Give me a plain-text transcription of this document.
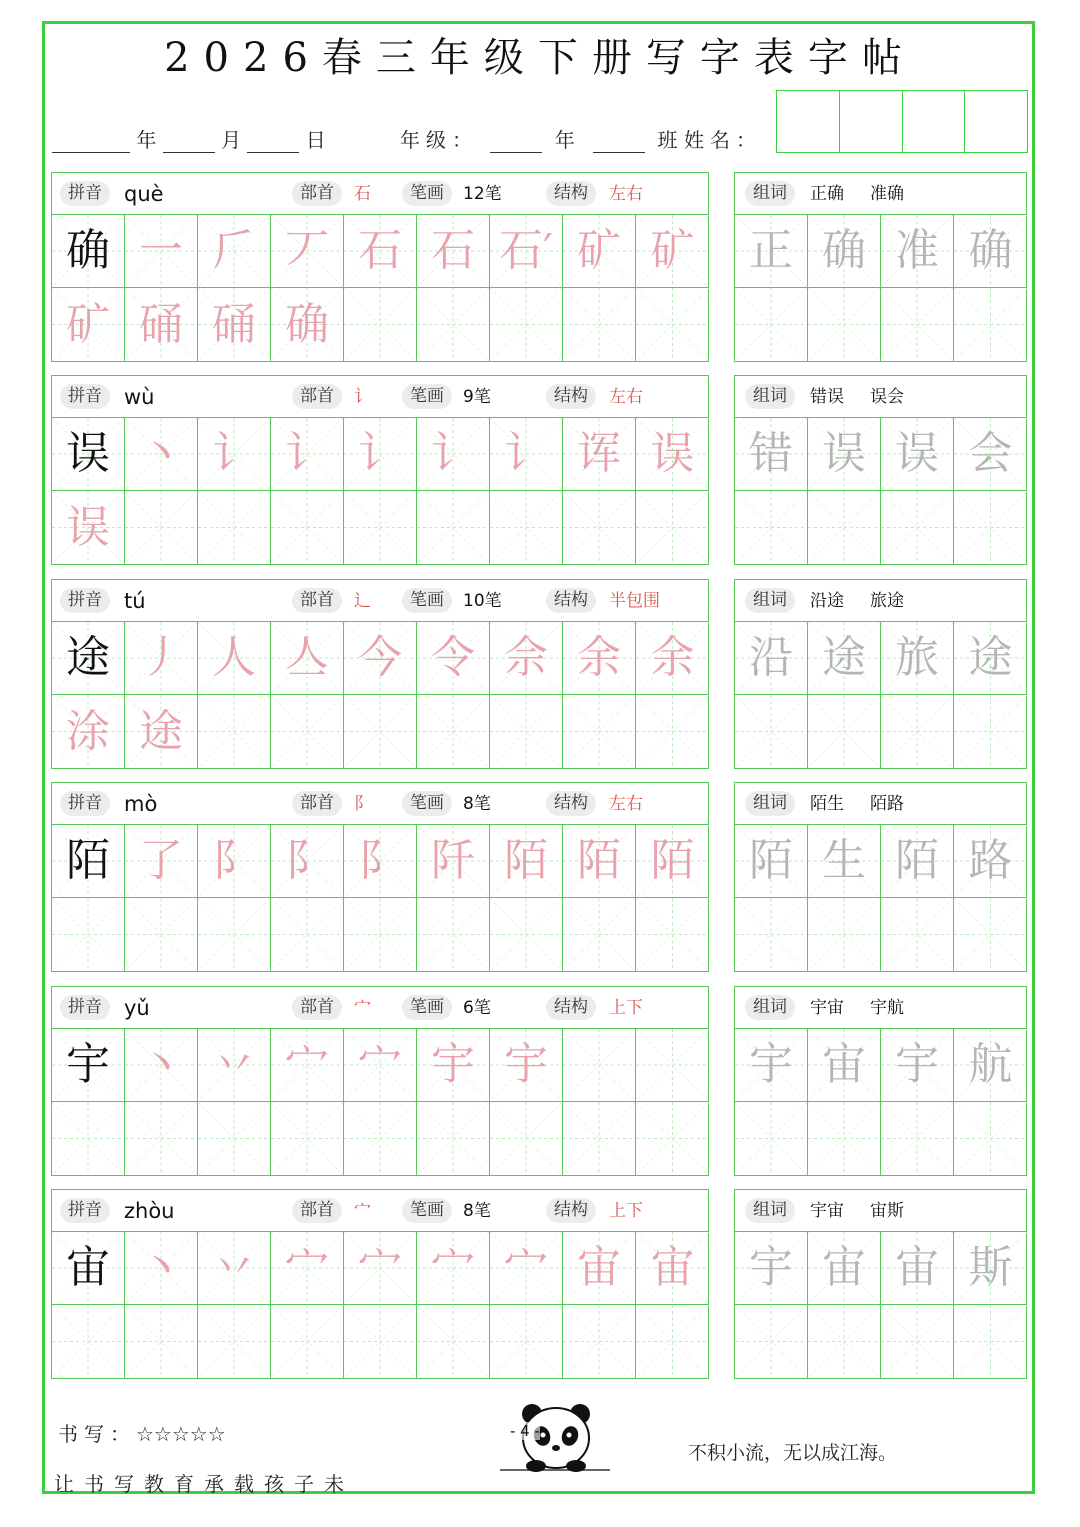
2026春三年级下册写字表字帖
年	月	日	年级：	年	班 姓名：
拼音	què	部首	石	笔画	12笔	结构	左右
确 一 𠂆 丆 石 石 石′ 矿 矿
矿 硧 硧 确
组词	正确 准确
正 确 准 确
拼音	wù	部首	讠	笔画	9笔	结构	左右
误 丶 讠 讠 讠 讠 讠 诨 误
误
组词	错误 误会
错 误 误 会
拼音	tú	部首	辶	笔画	10笔	结构	半包围
途 丿 人 亼 今 令 佘 余 余
涂 途
组词	沿途 旅途
沿 途 旅 途
拼音	mò	部首	阝	笔画	8笔	结构	左右
陌 了 阝 阝 阝 阡 陌 陌 陌
组词	陌生 陌路
陌 生 陌 路
拼音	yǔ	部首	宀	笔画	6笔	结构	上下
宇 丶 丷 宀 宀 宇 宇
组词	宇宙 宇航
宇 宙 宇 航
拼音	zhòu	部首	宀	笔画	8笔	结构	上下
宙 丶 丷 宀 宀 宀 宀 宙 宙
组词	宇宙 宙斯
宇 宙 宙 斯
书写：☆☆☆☆☆
让书写教育承载孩子未
不积小流，无以成江海。
- 4 -
